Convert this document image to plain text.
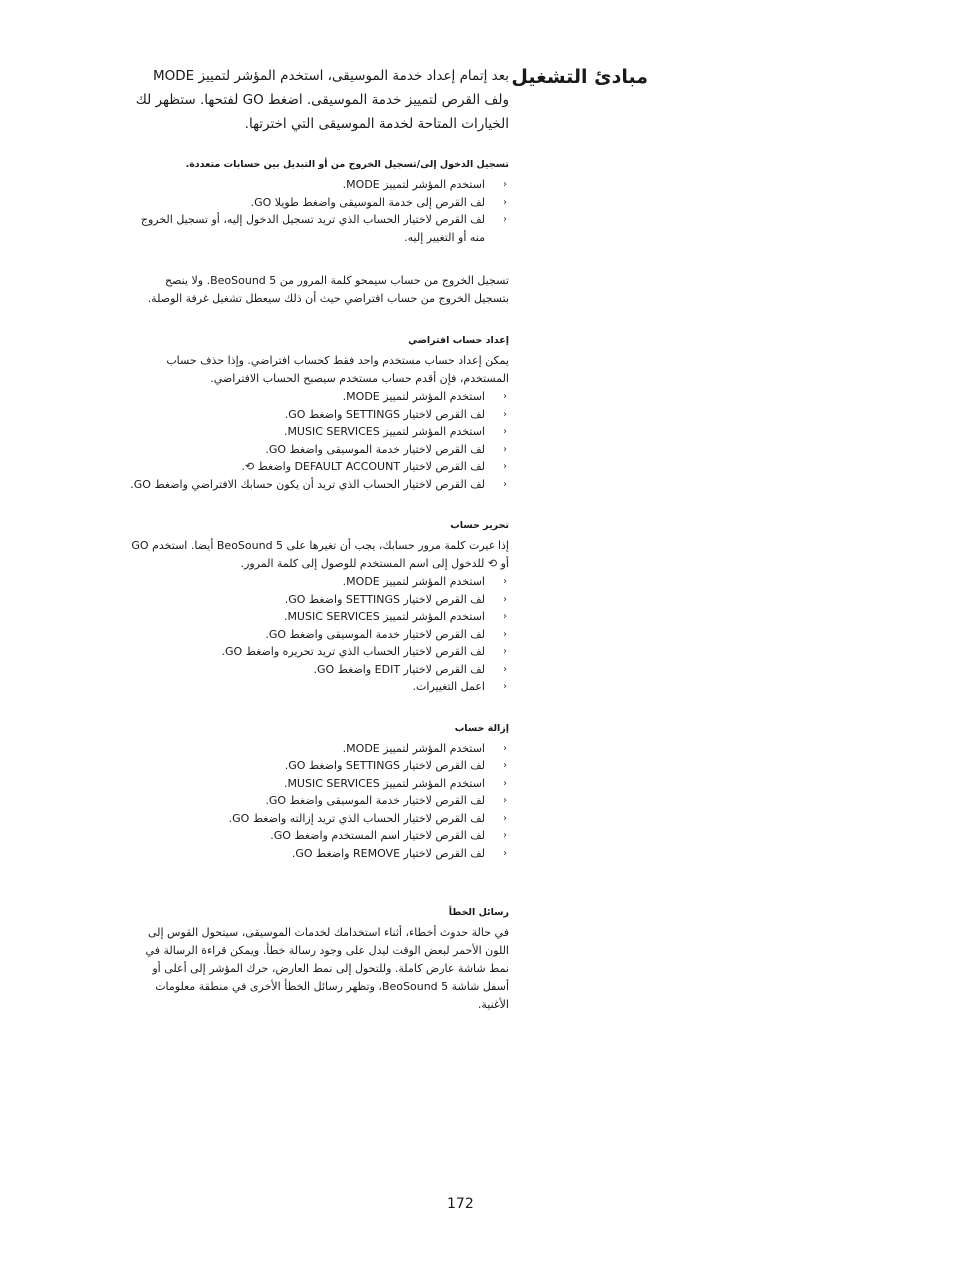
مبادئ التشغيل

بعد إتمام إعداد خدمة الموسيقى، استخدم المؤشر لتمييز MODE ولف القرص لتمييز خدمة الموسيقى. اضغط GO لفتحها. ستظهر لك الخيارات المتاحة لخدمة الموسيقى التي اخترتها.

تسجيل الدخول إلى/تسجيل الخروج من أو التبديل بين حسابات متعددة.

‹
استخدم المؤشر لتمييز MODE.
‹
لف القرص إلى خدمة الموسيقى واضغط طويلا GO.
‹
لف القرص لاختيار الحساب الذي تريد تسجيل الدخول إليه، أو تسجيل الخروج منه أو التغيير إليه.

تسجيل الخروج من حساب سيمحو كلمة المرور من BeoSound 5. ولا ينصح بتسجيل الخروج من حساب افتراضي حيث أن ذلك سيعطل تشغيل غرفة الوصلة.

إعداد حساب افتراضي

يمكن إعداد حساب مستخدم واحد فقط كحساب افتراضي. وإذا حذف حساب المستخدم، فإن أقدم حساب مستخدم سيصبح الحساب الافتراضي.

‹
استخدم المؤشر لتمييز MODE.
‹
لف القرص لاختيار SETTINGS واضغط GO.
‹
استخدم المؤشر لتمييز MUSIC SERVICES.
‹
لف القرص لاختيار خدمة الموسيقى واضغط GO.
‹
لف القرص لاختيار DEFAULT ACCOUNT واضغط ⟲.
‹
لف القرص لاختيار الحساب الذي تريد أن يكون حسابك الافتراضي واضغط GO.

تحرير حساب

إذا غيرت كلمة مرور حسابك، يجب أن تغيرها على BeoSound 5 أيضا. استخدم GO أو ⟲ للدخول إلى اسم المستخدم للوصول إلى كلمة المرور.

‹
استخدم المؤشر لتمييز MODE.
‹
لف القرص لاختيار SETTINGS واضغط GO.
‹
استخدم المؤشر لتمييز MUSIC SERVICES.
‹
لف القرص لاختيار خدمة الموسيقى واضغط GO.
‹
لف القرص لاختيار الحساب الذي تريد تحريره واضغط GO.
‹
لف القرص لاختيار EDIT واضغط GO.
‹
اعمل التغييرات.

إزالة حساب

‹
استخدم المؤشر لتمييز MODE.
‹
لف القرص لاختيار SETTINGS واضغط GO.
‹
استخدم المؤشر لتمييز MUSIC SERVICES.
‹
لف القرص لاختيار خدمة الموسيقى واضغط GO.
‹
لف القرص لاختيار الحساب الذي تريد إزالته واضغط GO.
‹
لف القرص لاختيار اسم المستخدم واضغط GO.
‹
لف القرص لاختيار REMOVE واضغط GO.

رسائل الخطأ

في حالة حدوث أخطاء، أثناء استخدامك لخدمات الموسيقى، سيتحول القوس إلى اللون الأحمر لبعض الوقت ليدل على وجود رسالة خطأ. ويمكن قراءة الرسالة في نمط شاشة عارض كاملة. وللتحول إلى نمط العارض، حرك المؤشر إلى أعلى أو أسفل شاشة BeoSound 5، وتظهر رسائل الخطأ الأخرى في منطقة معلومات الأغنية.

172
